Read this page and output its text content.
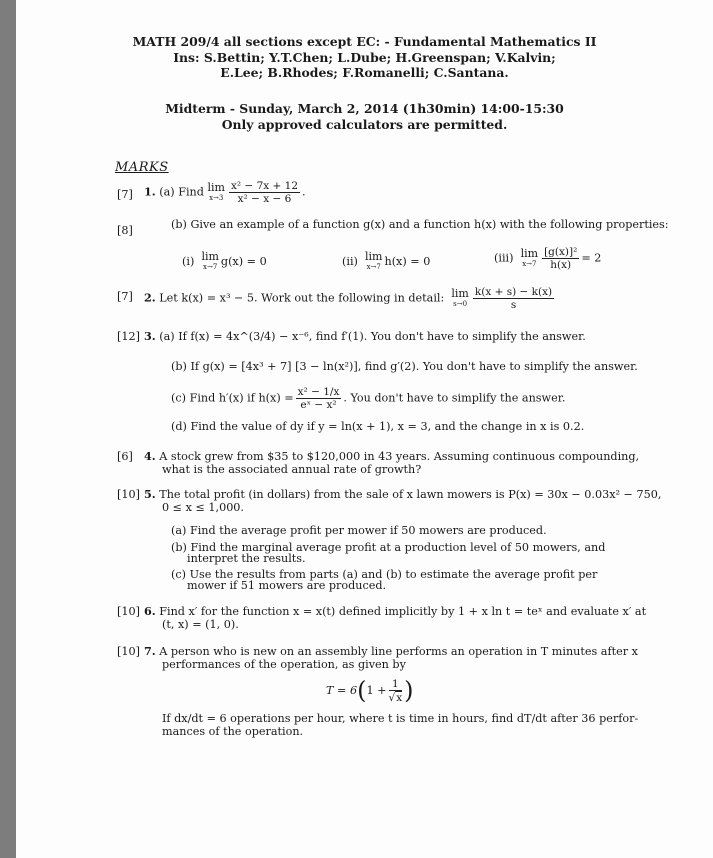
MATH 209/4 all sections except EC: - Fundamental Mathematics II
Ins: S.Bettin; Y.T.Chen; L.Dube; H.Greenspan; V.Kalvin;
E.Lee; B.Rhodes; F.Romanelli; C.Santana.
Midterm - Sunday, March 2, 2014 (1h30min) 14:00-15:30
Only approved calculators are permitted.
MARKS
[7] 1. (a) Find lim
$x\to 3 \frac{\text{x² − 7x + 12}}{\text{x² − x − 6}}$ .
[8]	(b) Give an example of a function g(x) and a function h(x) with the following properties:
(i) lim
x→7 g(x) = 0	(ii) lim
x→7 h(x) = 0	(iii) lim
$x\to 7 \frac{\text{[g(x)]²}}{h(x)} = 2$
[7] 2. Let k(x) = x³ − 5. Work out the following in detail: lim
$s\to 0 \frac{k(x + s) - k(x)}{s}$
[12] 3. (a) If f(x) = 4x^(3/4) − x⁻⁶, find f′(1). You don't have to simplify the answer.
(b) If g(x) = [4x³ + 7] [3 − ln(x²)], find g′(2). You don't have to simplify the answer.
(c) Find h′(x) if $h(x) = \frac{\text{x² − 1/x}}{\text{eˣ − x²}}$ . You don't have to simplify the answer.
(d) Find the value of dy if y = ln(x + 1), x = 3, and the change in x is 0.2.
[6] 4. A stock grew from $35 to $120,000 in 43 years. Assuming continuous compounding,
what is the associated annual rate of growth?
[10] 5. The total profit (in dollars) from the sale of x lawn mowers is P(x) = 30x − 0.03x² − 750,
0 ≤ x ≤ 1,000.
(a) Find the average profit per mower if 50 mowers are produced.
(b) Find the marginal average profit at a production level of 50 mowers, and
interpret the results.
(c) Use the results from parts (a) and (b) to estimate the average profit per
mower if 51 mowers are produced.
[10] 6. Find x′ for the function x = x(t) defined implicitly by 1 + x ln t = teˣ and evaluate x′ at
(t, x) = (1, 0).
[10] 7. A person who is new on an assembly line performs an operation in T minutes after x
performances of the operation, as given by
$T = 6(1 + \frac{1}{√x}$ )
If dx/dt = 6 operations per hour, where t is time in hours, find dT/dt after 36 perfor-
mances of the operation.
